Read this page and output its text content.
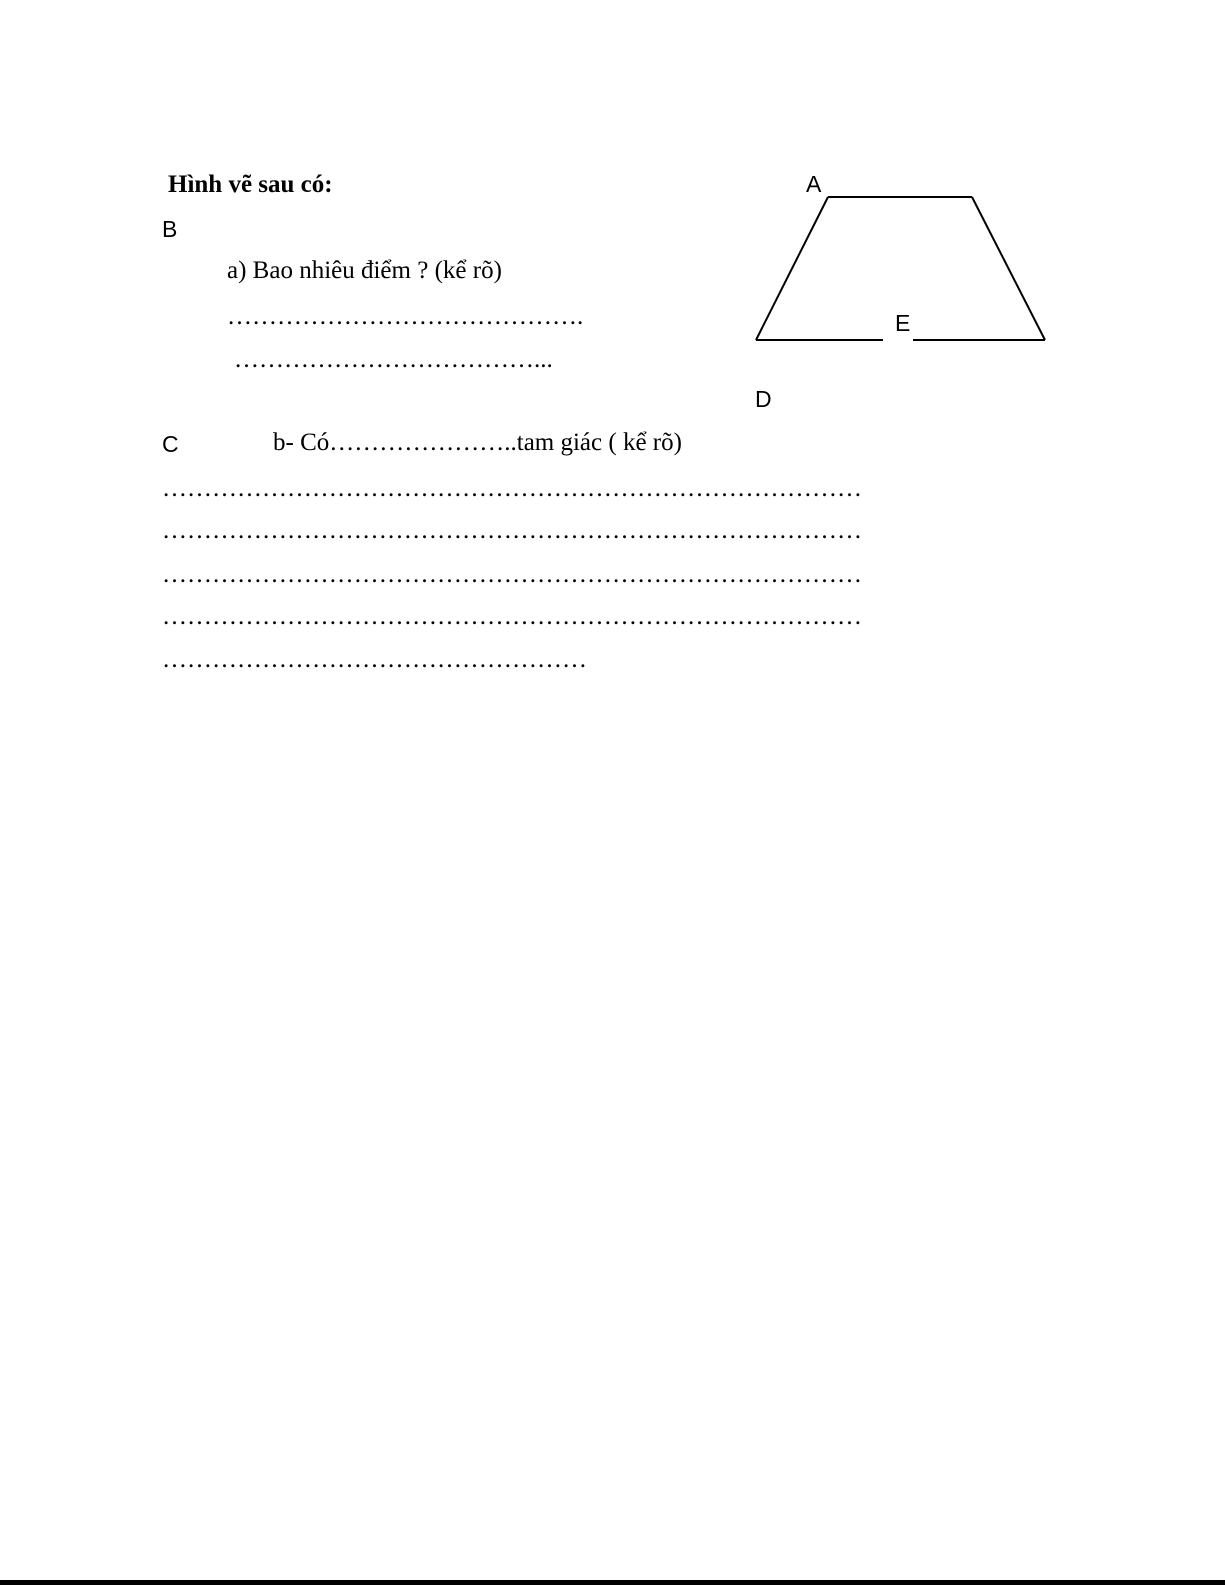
Hình vẽ sau có:
B
a) Bao nhiêu điểm ? (kể rõ)
…………………………………….
………………………………...
C	b- Có…………………..tam giác ( kể rõ)
…………………………………………………………………………
…………………………………………………………………………
…………………………………………………………………………
…………………………………………………………………………
……………………………………………
A
E
D
